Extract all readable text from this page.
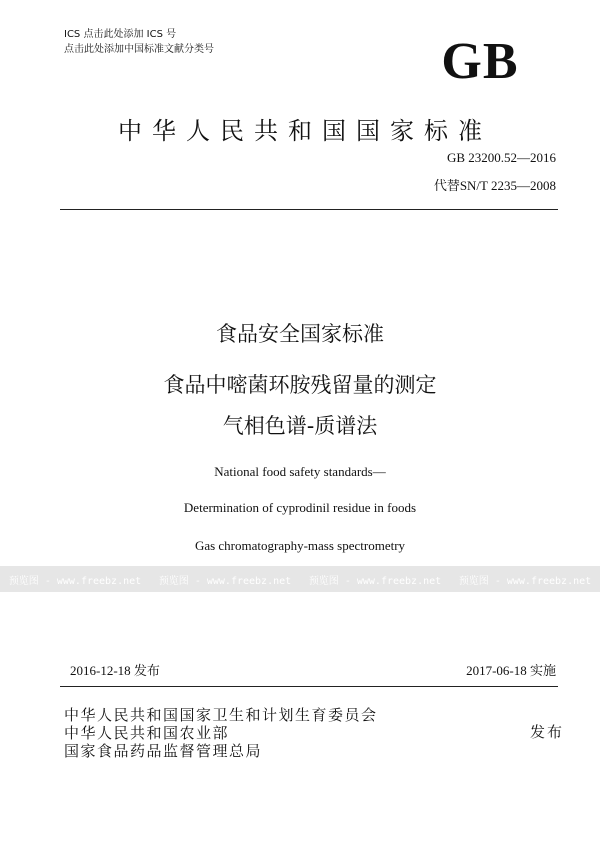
ICS 点击此处添加 ICS 号
点击此处添加中国标准文献分类号	GB
中华人民共和国国家标准
GB 23200.52—2016
代替SN/T 2235—2008
食品安全国家标准
食品中嘧菌环胺残留量的测定
气相色谱-质谱法
National food safety standards—
Determination of cyprodinil residue in foods
Gas chromatography-mass spectrometry
预览图 - www.freebz.net 预览图 - www.freebz.net 预览图 - www.freebz.net 预览图 - www.freebz.net
2016-12-18 发布	2017-06-18 实施
中华人民共和国国家卫生和计划生育委员会
中华人民共和国农业部
国家食品药品监督管理总局
发布
